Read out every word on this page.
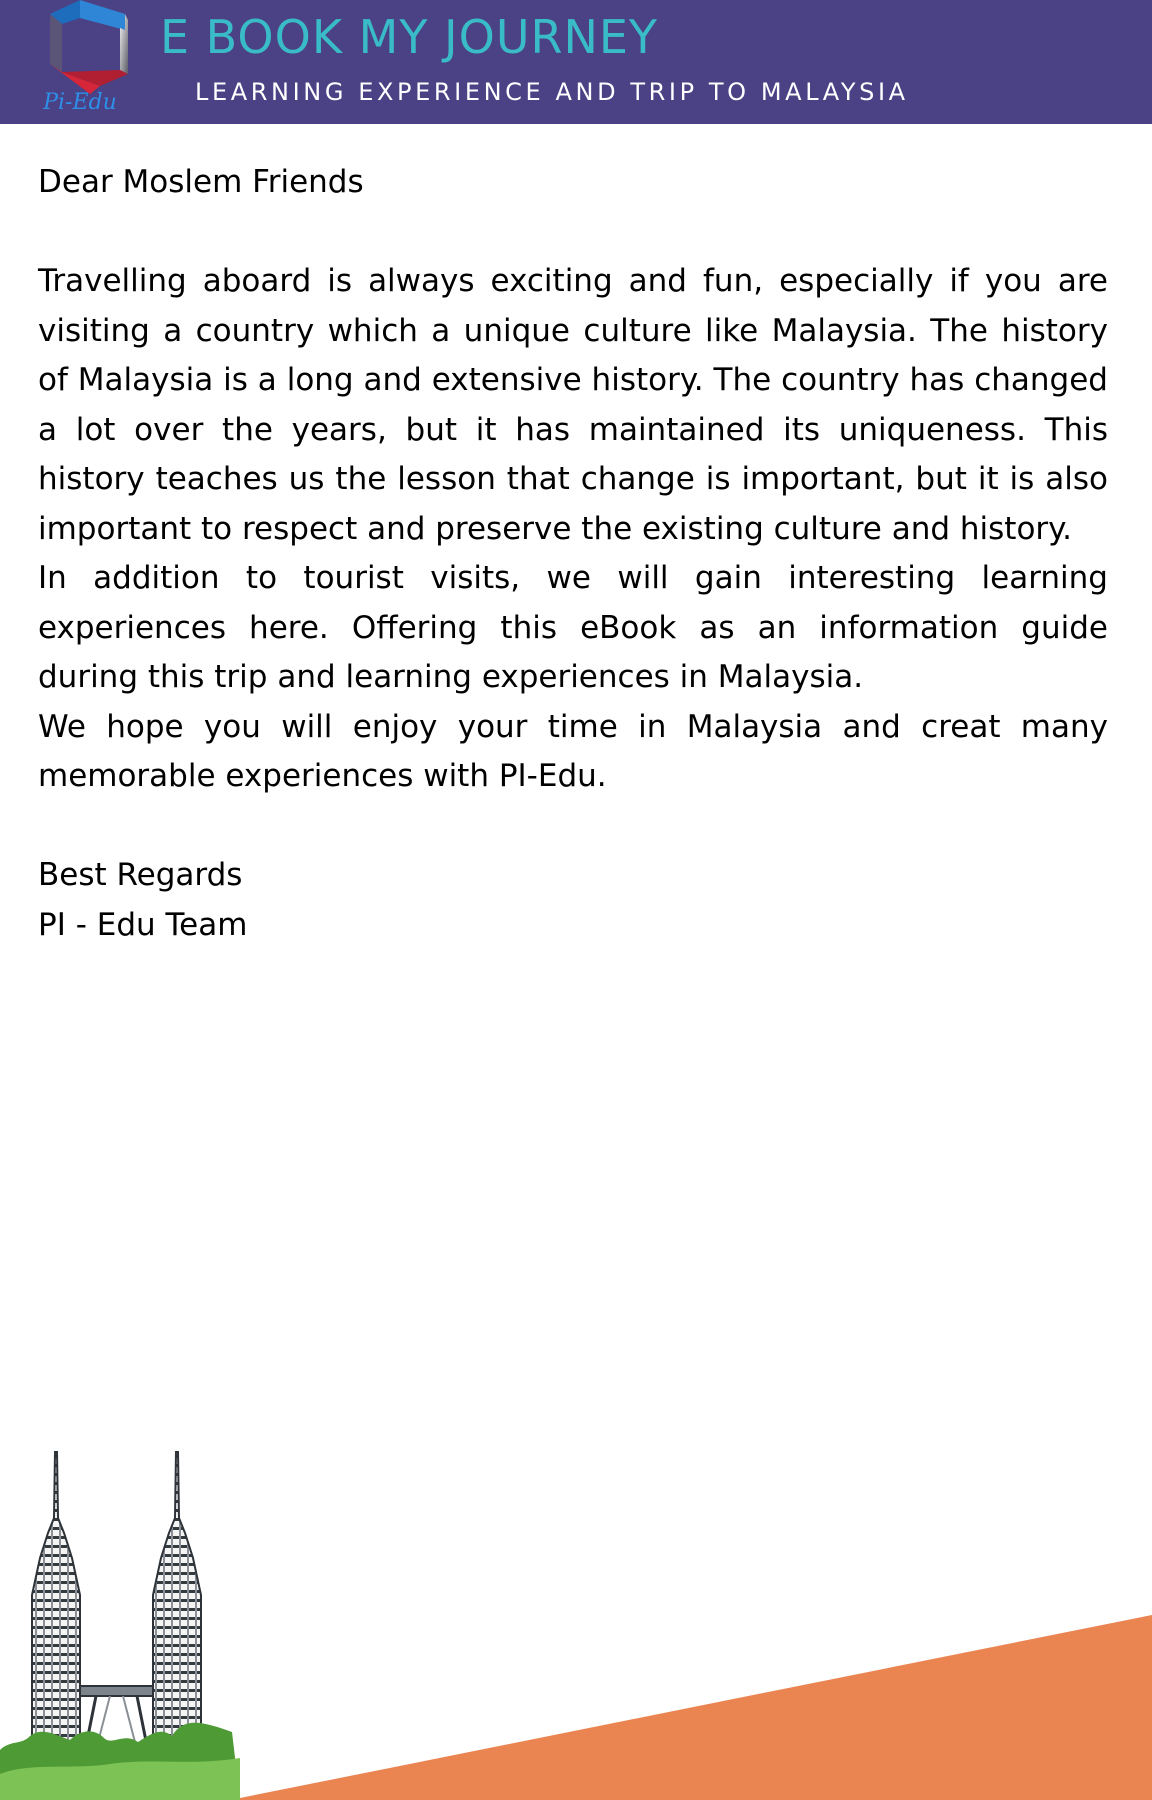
Pi-Edu
E BOOK MY JOURNEY
LEARNING EXPERIENCE AND TRIP TO MALAYSIA

Dear Moslem Friends

Travelling aboard is always exciting and fun, especially if you are visiting a country which a unique culture like Malaysia. The history of Malaysia is a long and extensive history. The country has changed a lot over the years, but it has maintained its uniqueness. This history teaches us the lesson that change is important, but it is also important to respect and preserve the existing culture and history.

In addition to tourist visits, we will gain interesting learning experiences here. Offering this eBook as an information guide during this trip and learning experiences in Malaysia.

We hope you will enjoy your time in Malaysia and creat many memorable experiences with PI-Edu.

Best Regards

PI - Edu Team
